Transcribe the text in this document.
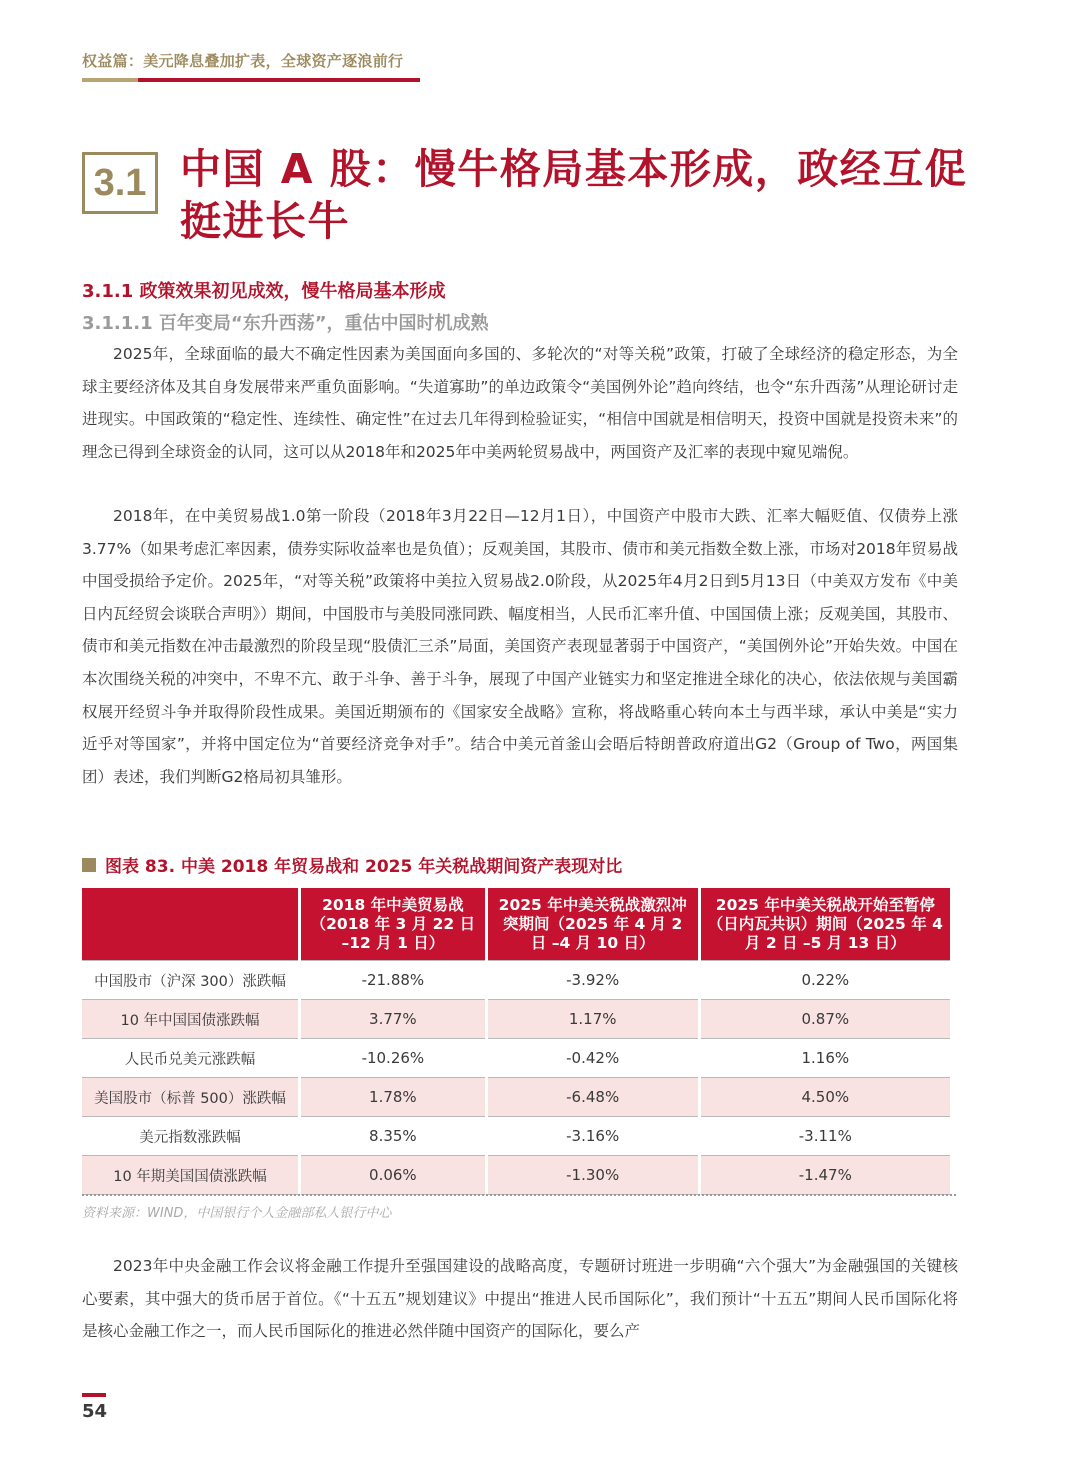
权益篇：美元降息叠加扩表，全球资产逐浪前行
3.1 中国 A 股：慢牛格局基本形成，政经互促挺进长牛
3.1.1 政策效果初见成效，慢牛格局基本形成
3.1.1.1 百年变局“东升西荡”，重估中国时机成熟

2025年，全球面临的最大不确定性因素为美国面向多国的、多轮次的“对等关税”政策，打破了全球经济的稳定形态，为全球主要经济体及其自身发展带来严重负面影响。“失道寡助”的单边政策令“美国例外论”趋向终结，也令“东升西荡”从理论研讨走进现实。中国政策的“稳定性、连续性、确定性”在过去几年得到检验证实，“相信中国就是相信明天，投资中国就是投资未来”的理念已得到全球资金的认同，这可以从2018年和2025年中美两轮贸易战中，两国资产及汇率的表现中窥见端倪。

2018年，在中美贸易战1.0第一阶段（2018年3月22日—12月1日），中国资产中股市大跌、汇率大幅贬值、仅债券上涨3.77%（如果考虑汇率因素，债券实际收益率也是负值）；反观美国，其股市、债市和美元指数全数上涨，市场对2018年贸易战中国受损给予定价。2025年，“对等关税”政策将中美拉入贸易战2.0阶段，从2025年4月2日到5月13日（中美双方发布《中美日内瓦经贸会谈联合声明》）期间，中国股市与美股同涨同跌、幅度相当，人民币汇率升值、中国国债上涨；反观美国，其股市、债市和美元指数在冲击最激烈的阶段呈现“股债汇三杀”局面，美国资产表现显著弱于中国资产，“美国例外论”开始失效。中国在本次围绕关税的冲突中，不卑不亢、敢于斗争、善于斗争，展现了中国产业链实力和坚定推进全球化的决心，依法依规与美国霸权展开经贸斗争并取得阶段性成果。美国近期颁布的《国家安全战略》宣称，将战略重心转向本土与西半球，承认中美是“实力近乎对等国家”，并将中国定位为“首要经济竞争对手”。结合中美元首釜山会晤后特朗普政府道出G2（Group of Two，两国集团）表述，我们判断G2格局初具雏形。

图表 83. 中美 2018 年贸易战和 2025 年关税战期间资产表现对比
	2018 年中美贸易战（2018 年 3 月 22 日 –12 月 1 日）	2025 年中美关税战激烈冲突期间（2025 年 4 月 2 日 –4 月 10 日）	2025 年中美关税战开始至暂停（日内瓦共识）期间（2025 年 4 月 2 日 –5 月 13 日）
中国股市（沪深 300）涨跌幅	-21.88%	-3.92%	0.22%
10 年中国国债涨跌幅	3.77%	1.17%	0.87%
人民币兑美元涨跌幅	-10.26%	-0.42%	1.16%
美国股市（标普 500）涨跌幅	1.78%	-6.48%	4.50%
美元指数涨跌幅	8.35%	-3.16%	-3.11%
10 年期美国国债涨跌幅	0.06%	-1.30%	-1.47%
资料来源：WIND，中国银行个人金融部私人银行中心

2023年中央金融工作会议将金融工作提升至强国建设的战略高度，专题研讨班进一步明确“六个强大”为金融强国的关键核心要素，其中强大的货币居于首位。《“十五五”规划建议》中提出“推进人民币国际化”，我们预计“十五五”期间人民币国际化将是核心金融工作之一，而人民币国际化的推进必然伴随中国资产的国际化，要么产

54
